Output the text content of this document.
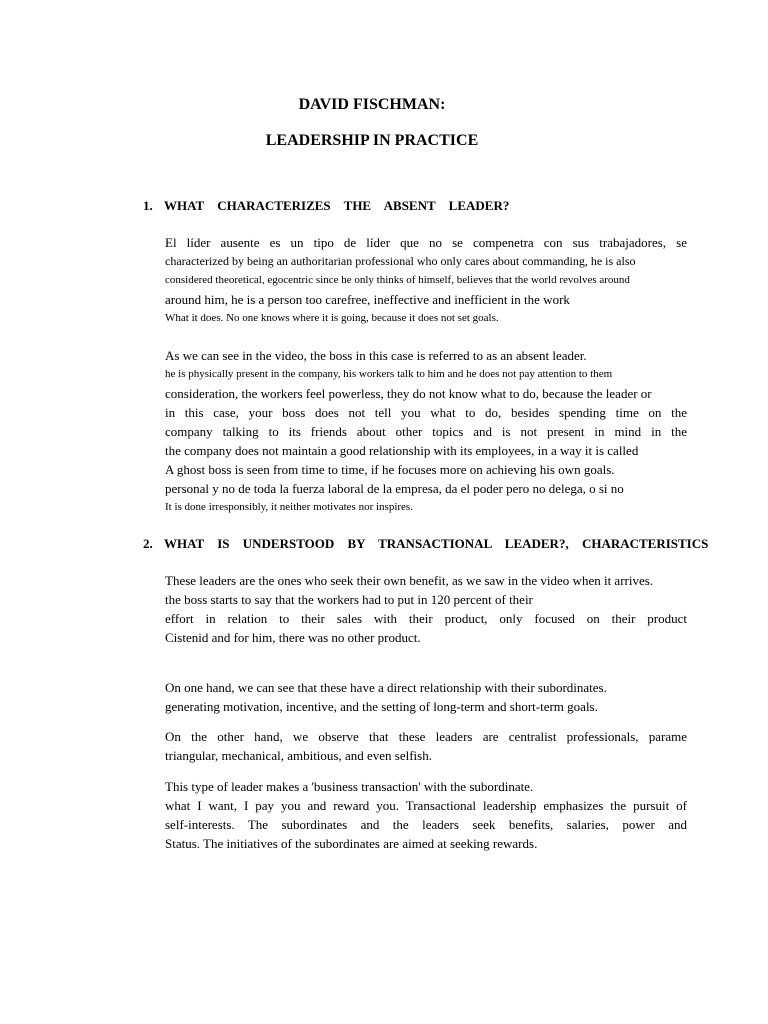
DAVID FISCHMAN:
LEADERSHIP IN PRACTICE
1. WHAT CHARACTERIZES THE ABSENT LEADER?
El líder ausente es un tipo de líder que no se compenetra con sus trabajadores, se
characterized by being an authoritarian professional who only cares about commanding, he is also
considered theoretical, egocentric since he only thinks of himself, believes that the world revolves around
around him, he is a person too carefree, ineffective and inefficient in the work
What it does. No one knows where it is going, because it does not set goals.
As we can see in the video, the boss in this case is referred to as an absent leader.
he is physically present in the company, his workers talk to him and he does not pay attention to them
consideration, the workers feel powerless, they do not know what to do, because the leader or
in this case, your boss does not tell you what to do, besides spending time on the
company talking to its friends about other topics and is not present in mind in the
the company does not maintain a good relationship with its employees, in a way it is called
A ghost boss is seen from time to time, if he focuses more on achieving his own goals.
personal y no de toda la fuerza laboral de la empresa, da el poder pero no delega, o si no
It is done irresponsibly, it neither motivates nor inspires.
2. WHAT IS UNDERSTOOD BY TRANSACTIONAL LEADER?, CHARACTERISTICS
These leaders are the ones who seek their own benefit, as we saw in the video when it arrives.
the boss starts to say that the workers had to put in 120 percent of their
effort in relation to their sales with their product, only focused on their product
Cistenid and for him, there was no other product.
On one hand, we can see that these have a direct relationship with their subordinates.
generating motivation, incentive, and the setting of long-term and short-term goals.
On the other hand, we observe that these leaders are centralist professionals, parame
triangular, mechanical, ambitious, and even selfish.
This type of leader makes a 'business transaction' with the subordinate.
what I want, I pay you and reward you. Transactional leadership emphasizes the pursuit of
self-interests. The subordinates and the leaders seek benefits, salaries, power and
Status. The initiatives of the subordinates are aimed at seeking rewards.
